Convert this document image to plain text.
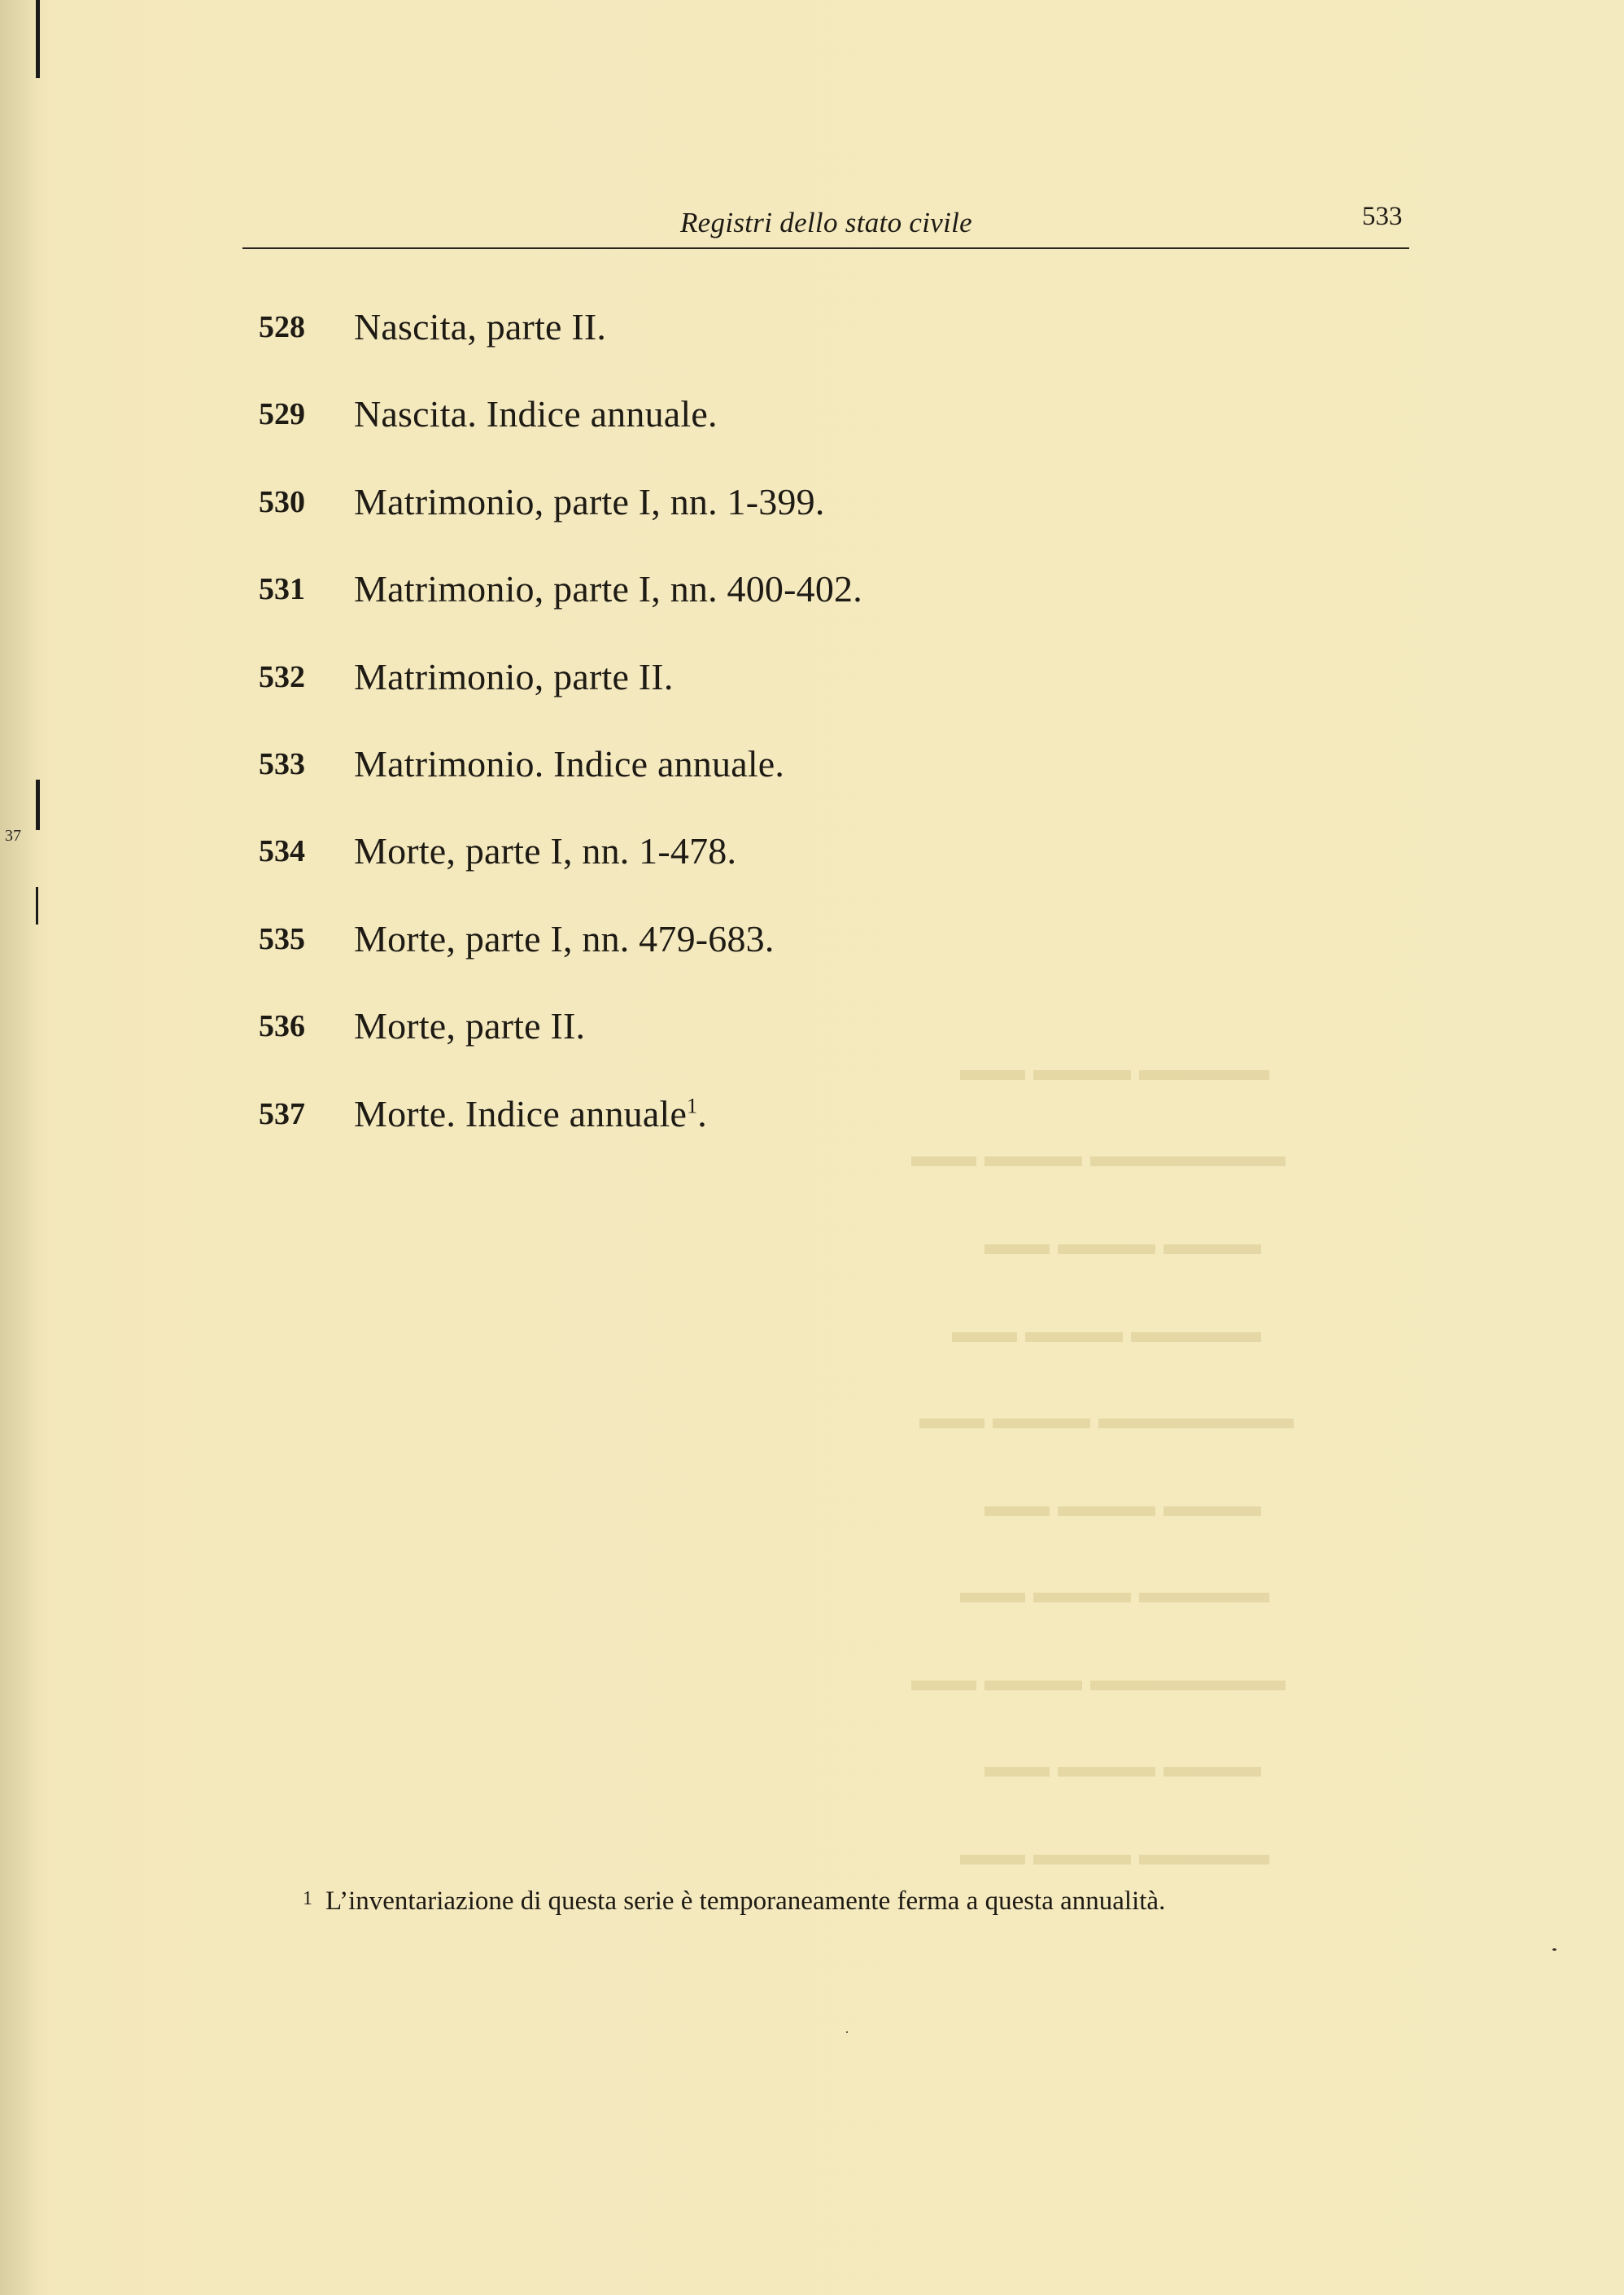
37
▬▬▬▬ ▬▬▬ ▬▬
▬▬▬▬▬▬ ▬▬▬ ▬▬
▬▬▬ ▬▬▬ ▬▬
▬▬▬▬ ▬▬▬ ▬▬
▬▬▬▬▬▬ ▬▬▬ ▬▬
▬▬▬ ▬▬▬ ▬▬
▬▬▬▬ ▬▬▬ ▬▬
▬▬▬▬▬▬ ▬▬▬ ▬▬
▬▬▬ ▬▬▬ ▬▬
▬▬▬▬ ▬▬▬ ▬▬
Registri dello stato civile	533
528	Nascita, parte II.
529	Nascita. Indice annuale.
530	Matrimonio, parte I, nn. 1-399.
531	Matrimonio, parte I, nn. 400-402.
532	Matrimonio, parte II.
533	Matrimonio. Indice annuale.
534	Morte, parte I, nn. 1-478.
535	Morte, parte I, nn. 479-683.
536	Morte, parte II.
537	Morte. Indice annuale$^1$.
1 L’inventariazione di questa serie è temporaneamente ferma a questa annualità.
